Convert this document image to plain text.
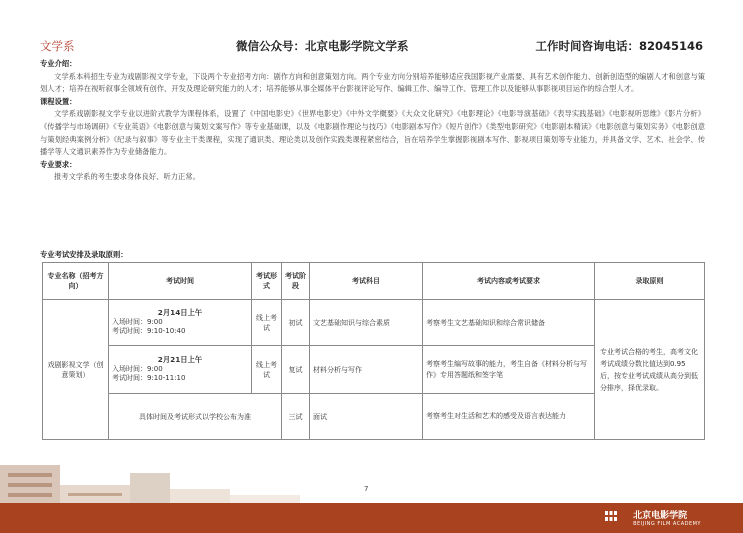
文学系	微信公众号：北京电影学院文学系	工作时间咨询电话：82045146
专业介绍：
文学系本科招生专业为戏剧影视文学专业，下设两个专业招考方向：剧作方向和创意策划方向。两个专业方向分别培养能够适应我国影视产业需要、具有艺术创作能力、创新创造型的编剧人才和创意与策划人才；培养在视听叙事全领域有创作、开发及理论研究能力的人才；培养能够从事全媒体平台影视评论写作、编辑工作、编导工作、管理工作以及能够从事影视项目运作的综合型人才。
课程设置：
文学系戏剧影视文学专业以进阶式教学为课程体系，设置了《中国电影史》《世界电影史》《中外文学概要》《大众文化研究》《电影理论》《电影导演基础》《表导实践基础》《电影视听思维》《影片分析》《传播学与市场调研》《专业英语》《电影创意与策划文案写作》等专业基础课，以及《电影剧作理论与技巧》《电影剧本写作》《短片创作》《类型电影研究》《电影剧本精读》《电影创意与策划实务》《电影创意与策划经典案例分析》《纪录与叙事》等专业主干类课程，实现了通识类、理论类以及创作实践类课程紧密结合，旨在培养学生掌握影视剧本写作、影视项目策划等专业能力，并具备文学、艺术、社会学、传播学等人文通识素养作为专业储备能力。
专业要求：
报考文学系的考生要求身体良好、听力正常。
专业考试安排及录取原则：
专业名称（招考方向）	考试时间	考试形式	考试阶段	考试科目	考试内容或考试要求	录取原则
戏剧影视文学（创意策划）	2月14日上午
入场时间：9:00
考试时间：9:10-10:40	线上考试	初试	文艺基础知识与综合素质	考察考生文艺基础知识和综合常识储备	专业考试合格的考生，高考文化考试成绩分数比值达到0.95后，按专业考试成绩从高分到低分排序，择优录取。

	2月21日上午
入场时间：9:00
考试时间：9:10-11:10	线上考试	复试	材料分析与写作	考察考生编写故事的能力，考生自备《材料分析与写作》专用答题纸和签字笔	
	具体时间及考试形式以学校公布为准		三试	面试	考察考生对生活和艺术的感受及语言表达能力	
7
北京电影学院
BEIJING FILM ACADEMY
